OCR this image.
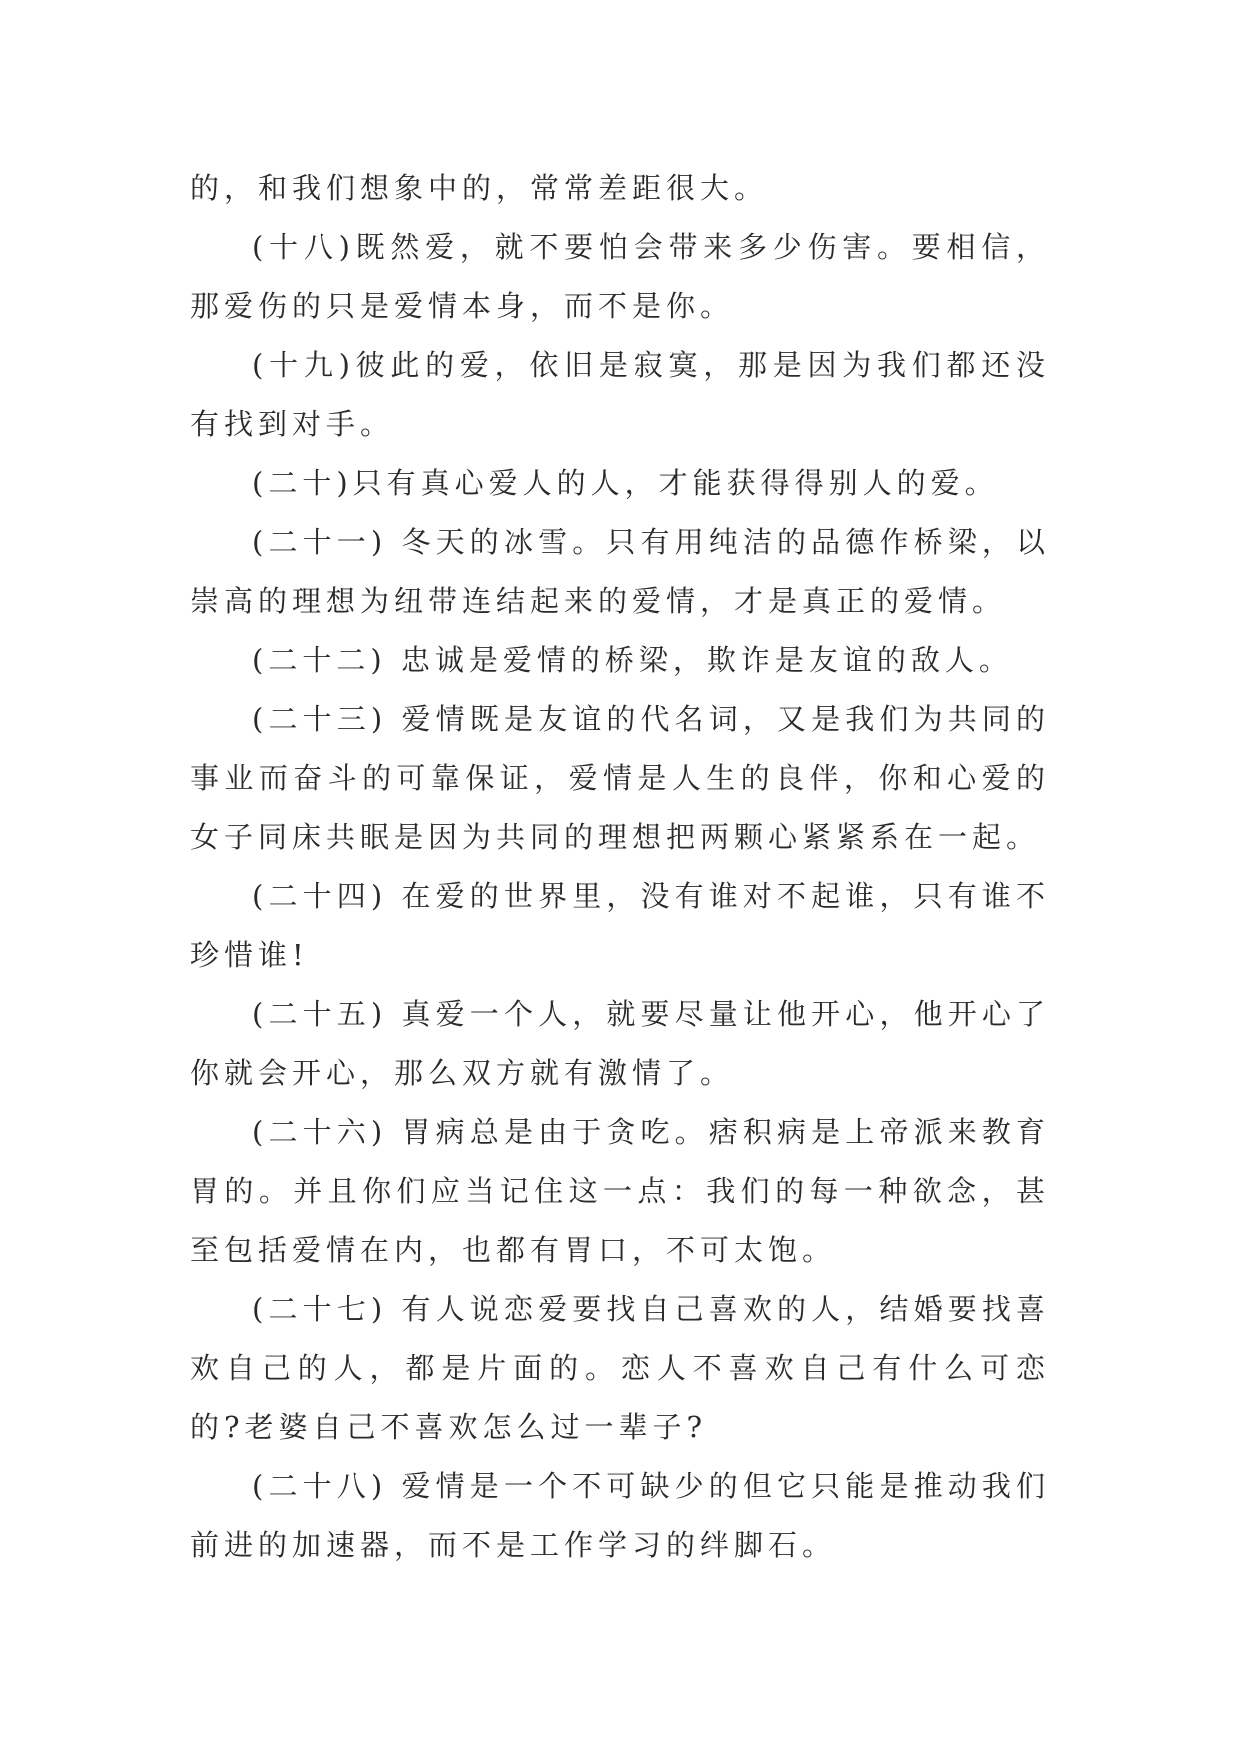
的，和我们想象中的，常常差距很大。

(十八)既然爱，就不要怕会带来多少伤害。要相信，那爱伤的只是爱情本身，而不是你。

(十九)彼此的爱，依旧是寂寞，那是因为我们都还没有找到对手。

(二十)只有真心爱人的人，才能获得得别人的爱。

(二十一) 冬天的冰雪。只有用纯洁的品德作桥梁，以崇高的理想为纽带连结起来的爱情，才是真正的爱情。

(二十二) 忠诚是爱情的桥梁，欺诈是友谊的敌人。

(二十三) 爱情既是友谊的代名词，又是我们为共同的事业而奋斗的可靠保证，爱情是人生的良伴，你和心爱的女子同床共眠是因为共同的理想把两颗心紧紧系在一起。

(二十四) 在爱的世界里，没有谁对不起谁，只有谁不珍惜谁!

(二十五) 真爱一个人，就要尽量让他开心，他开心了你就会开心，那么双方就有激情了。

(二十六) 胃病总是由于贪吃。痞积病是上帝派来教育胃的。并且你们应当记住这一点：我们的每一种欲念，甚至包括爱情在内，也都有胃口，不可太饱。

(二十七) 有人说恋爱要找自己喜欢的人，结婚要找喜欢自己的人，都是片面的。恋人不喜欢自己有什么可恋的?老婆自己不喜欢怎么过一辈子?

(二十八) 爱情是一个不可缺少的但它只能是推动我们前进的加速器，而不是工作学习的绊脚石。
